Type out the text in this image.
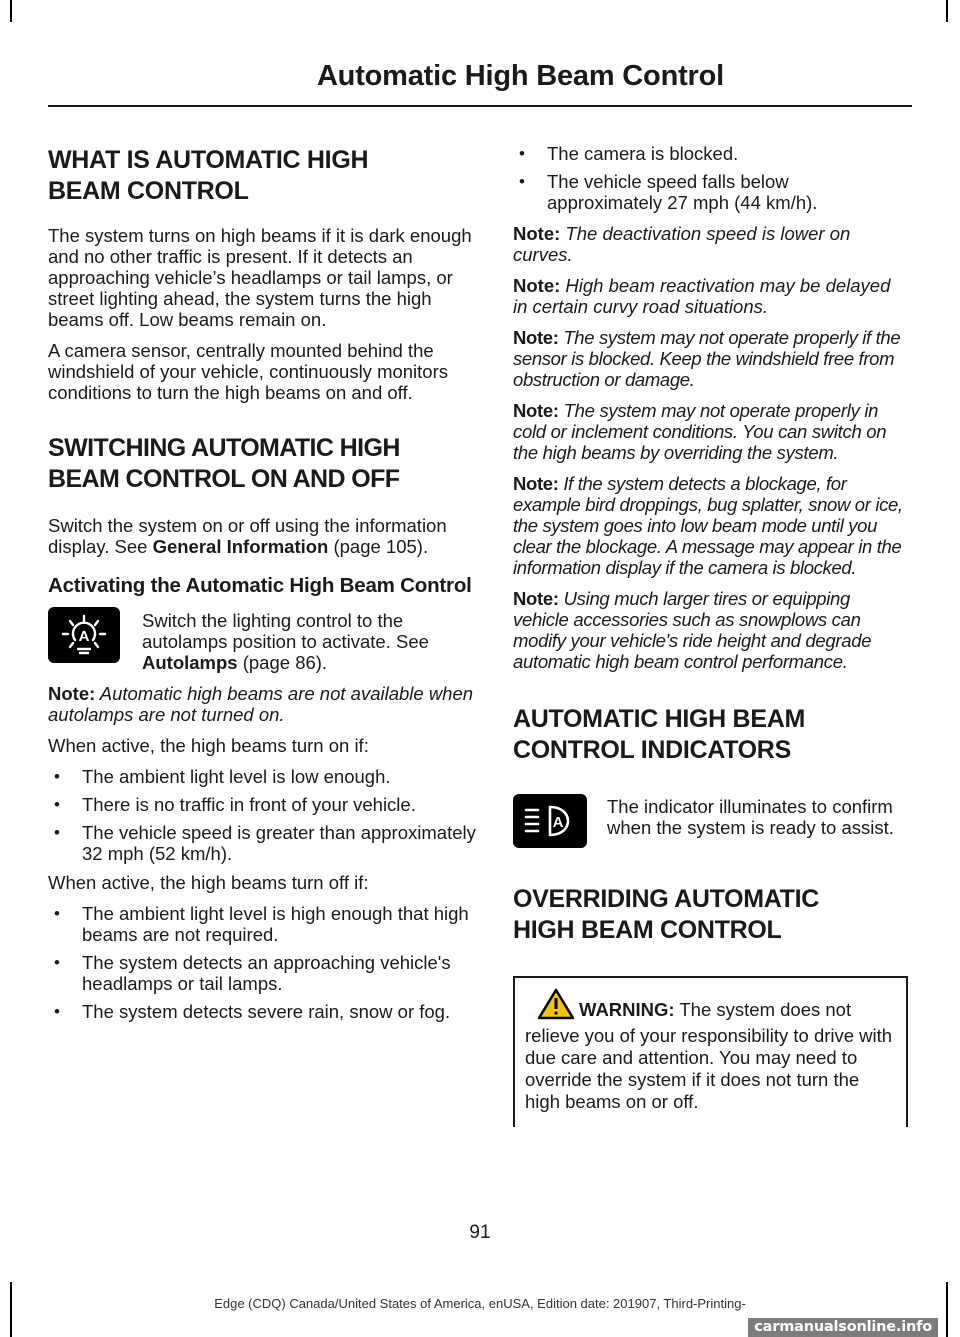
Automatic High Beam Control
WHAT IS AUTOMATIC HIGH
BEAM CONTROL

The system turns on high beams if it is dark enough and no other traffic is present. If it detects an approaching vehicle’s headlamps or tail lamps, or street lighting ahead, the system turns the high beams off. Low beams remain on.

A camera sensor, centrally mounted behind the windshield of your vehicle, continuously monitors conditions to turn the high beams on and off.

SWITCHING AUTOMATIC HIGH
BEAM CONTROL ON AND OFF

Switch the system on or off using the information display. See General Information (page 105).

Activating the Automatic High Beam Control
A
Switch the lighting control to the autolamps position to activate. See Autolamps (page 86).

Note: Automatic high beams are not available when autolamps are not turned on.

When active, the high beams turn on if:

• The ambient light level is low enough.
• There is no traffic in front of your vehicle.
• The vehicle speed is greater than approximately 32 mph (52 km/h).

When active, the high beams turn off if:

• The ambient light level is high enough that high beams are not required.
• The system detects an approaching vehicle's headlamps or tail lamps.
• The system detects severe rain, snow or fog.
• The camera is blocked.
• The vehicle speed falls below approximately 27 mph (44 km/h).

Note: The deactivation speed is lower on curves.

Note: High beam reactivation may be delayed in certain curvy road situations.

Note: The system may not operate properly if the sensor is blocked. Keep the windshield free from obstruction or damage.

Note: The system may not operate properly in cold or inclement conditions. You can switch on the high beams by overriding the system.

Note: If the system detects a blockage, for example bird droppings, bug splatter, snow or ice, the system goes into low beam mode until you clear the blockage. A message may appear in the information display if the camera is blocked.

Note: Using much larger tires or equipping vehicle accessories such as snowplows can modify your vehicle's ride height and degrade automatic high beam control performance.

AUTOMATIC HIGH BEAM
CONTROL INDICATORS
A
The indicator illuminates to confirm when the system is ready to assist.
OVERRIDING AUTOMATIC
HIGH BEAM CONTROL
WARNING: The system does not relieve you of your responsibility to drive with due care and attention. You may need to override the system if it does not turn the high beams on or off.
91
Edge (CDQ) Canada/United States of America, enUSA, Edition date: 201907, Third-Printing-
carmanualsonline.info
